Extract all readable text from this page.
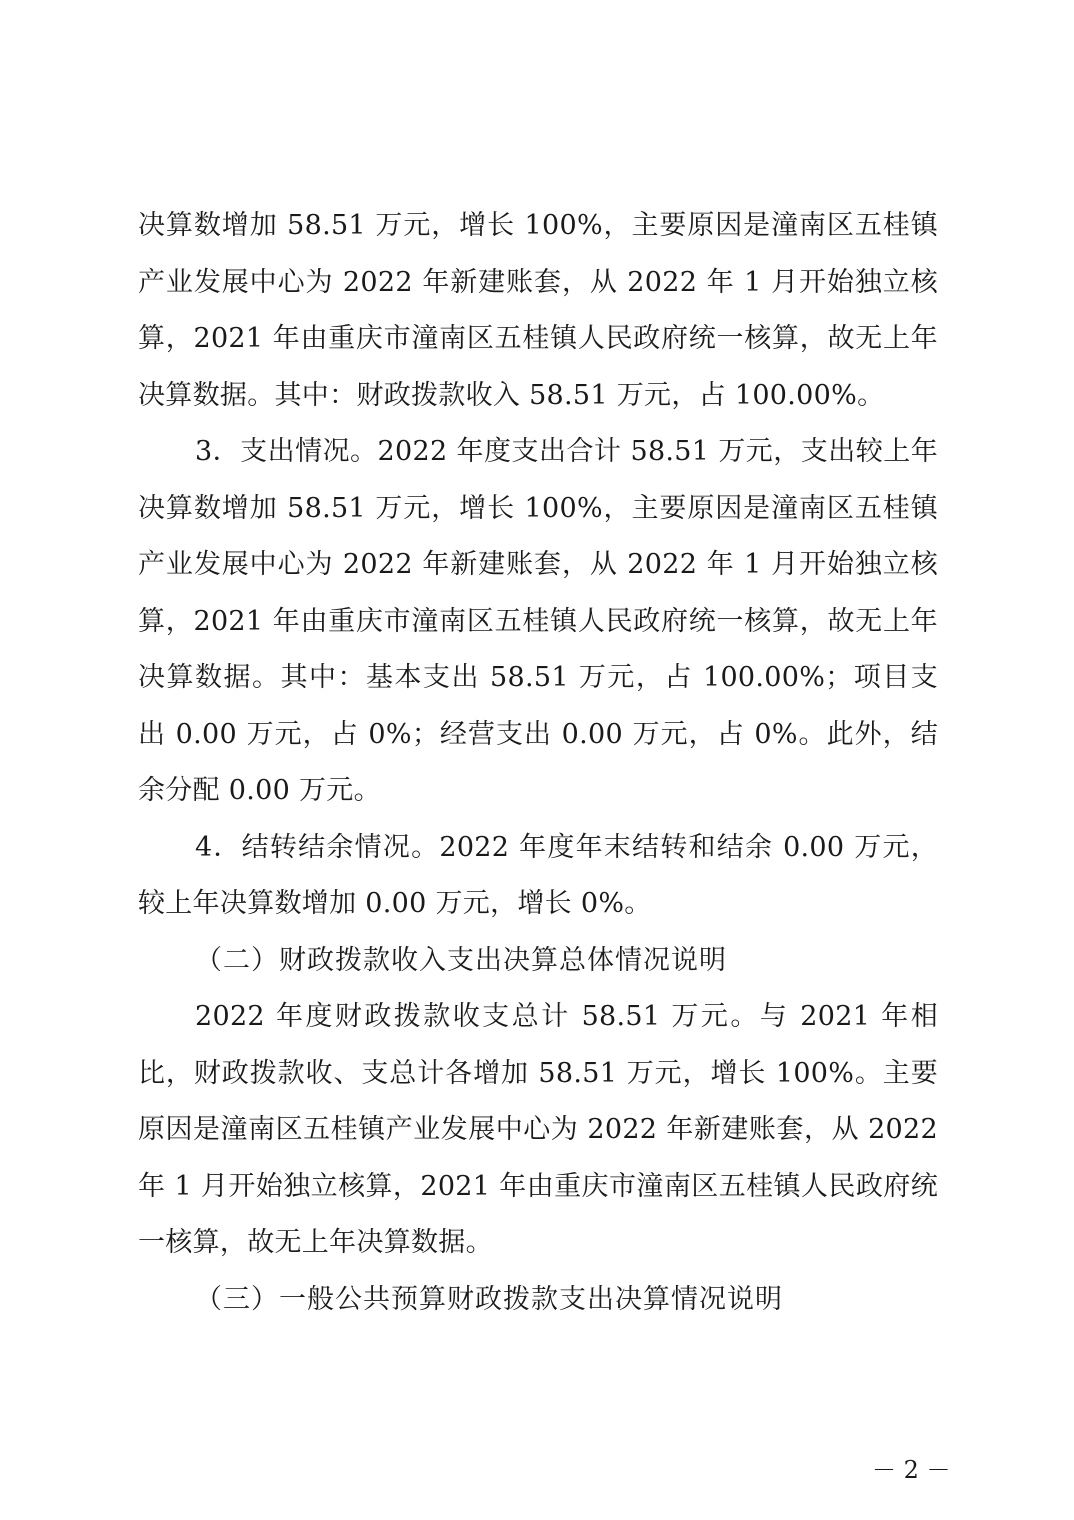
决算数增加 58.51 万元，增长 100%，主要原因是潼南区五桂镇产业发展中心为 2022 年新建账套，从 2022 年 1 月开始独立核算，2021 年由重庆市潼南区五桂镇人民政府统一核算，故无上年决算数据。其中：财政拨款收入 58.51 万元，占 100.00%。

3．支出情况。2022 年度支出合计 58.51 万元，支出较上年决算数增加 58.51 万元，增长 100%，主要原因是潼南区五桂镇产业发展中心为 2022 年新建账套，从 2022 年 1 月开始独立核算，2021 年由重庆市潼南区五桂镇人民政府统一核算，故无上年决算数据。其中：基本支出 58.51 万元，占 100.00%；项目支出 0.00 万元，占 0%；经营支出 0.00 万元，占 0%。此外，结余分配 0.00 万元。

4．结转结余情况。2022 年度年末结转和结余 0.00 万元，较上年决算数增加 0.00 万元，增长 0%。

（二）财政拨款收入支出决算总体情况说明

2022 年度财政拨款收支总计 58.51 万元。与 2021 年相比，财政拨款收、支总计各增加 58.51 万元，增长 100%。主要原因是潼南区五桂镇产业发展中心为 2022 年新建账套，从 2022 年 1 月开始独立核算，2021 年由重庆市潼南区五桂镇人民政府统一核算，故无上年决算数据。

（三）一般公共预算财政拨款支出决算情况说明

－ 2 －
